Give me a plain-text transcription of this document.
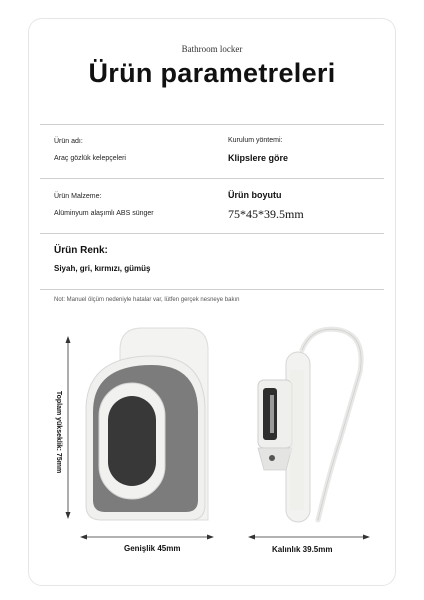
Bathroom locker
Ürün parametreleri
Ürün adı:
Araç gözlük kelepçeleri
Kurulum yöntemi:
Klipslere göre
Ürün Malzeme:
Alüminyum alaşımlı ABS sünger
Ürün boyutu
75*45*39.5mm
Ürün Renk:
Siyah, gri, kırmızı, gümüş
Not: Manuel ölçüm nedeniyle hatalar var, lütfen gerçek nesneye bakın
Toplam yükseklik: 75mm
Genişlik 45mm	Kalınlık 39.5mm
